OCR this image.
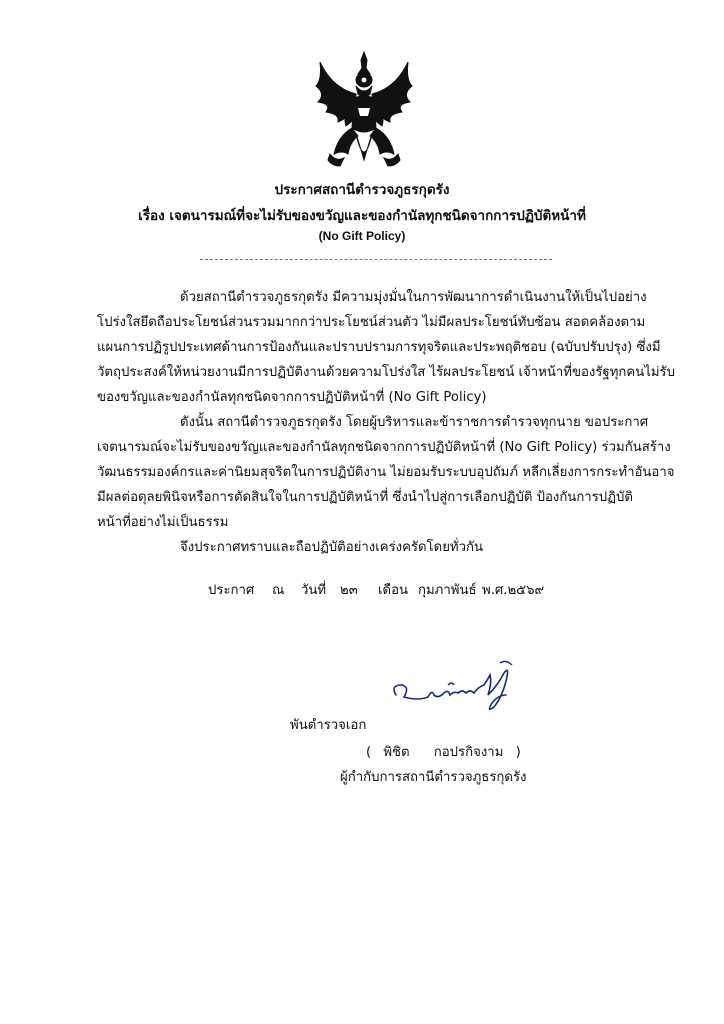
ประกาศสถานีตำรวจภูธรกุดรัง
เรื่อง เจตนารมณ์ที่จะไม่รับของขวัญและของกำนัลทุกชนิดจากการปฏิบัติหน้าที่
(No Gift Policy)
ด้วยสถานีตำรวจภูธรกุดรัง มีความมุ่งมั่นในการพัฒนาการดำเนินงานให้เป็นไปอย่าง
โปร่งใสยึดถือประโยชน์ส่วนรวมมากกว่าประโยชน์ส่วนตัว ไม่มีผลประโยชน์ทับซ้อน สอดคล้องตาม
แผนการปฏิรูปประเทศด้านการป้องกันและปราบปรามการทุจริตและประพฤติชอบ (ฉบับปรับปรุง) ซึ่งมี
วัตถุประสงค์ให้หน่วยงานมีการปฏิบัติงานด้วยความโปร่งใส ไร้ผลประโยชน์ เจ้าหน้าที่ของรัฐทุกคนไม่รับ
ของขวัญและของกำนัลทุกชนิดจากการปฏิบัติหน้าที่ (No Gift Policy)
ดังนั้น สถานีตำรวจภูธรกุดรัง โดยผู้บริหารและข้าราชการตำรวจทุกนาย ขอประกาศ
เจตนารมณ์จะไม่รับของขวัญและของกำนัลทุกชนิดจากการปฏิบัติหน้าที่ (No Gift Policy) ร่วมกันสร้าง
วัฒนธรรมองค์กรและค่านิยมสุจริตในการปฏิบัติงาน ไม่ยอมรับระบบอุปถัมภ์ หลีกเลี่ยงการกระทำอันอาจ
มีผลต่อดุลยพินิจหรือการตัดสินใจในการปฏิบัติหน้าที่ ซึ่งนำไปสู่การเลือกปฏิบัติ ป้องกันการปฏิบัติ
หน้าที่อย่างไม่เป็นธรรม
จึงประกาศทราบและถือปฏิบัติอย่างเคร่งครัดโดยทั่วกัน
ประกาศ ณ วันที่ ๒๓ เดือน กุมภาพันธ์ พ.ศ.๒๕๖๙
พันตำรวจเอก
( พิชิต กอปรกิจงาม )
ผู้กำกับการสถานีตำรวจภูธรกุดรัง
